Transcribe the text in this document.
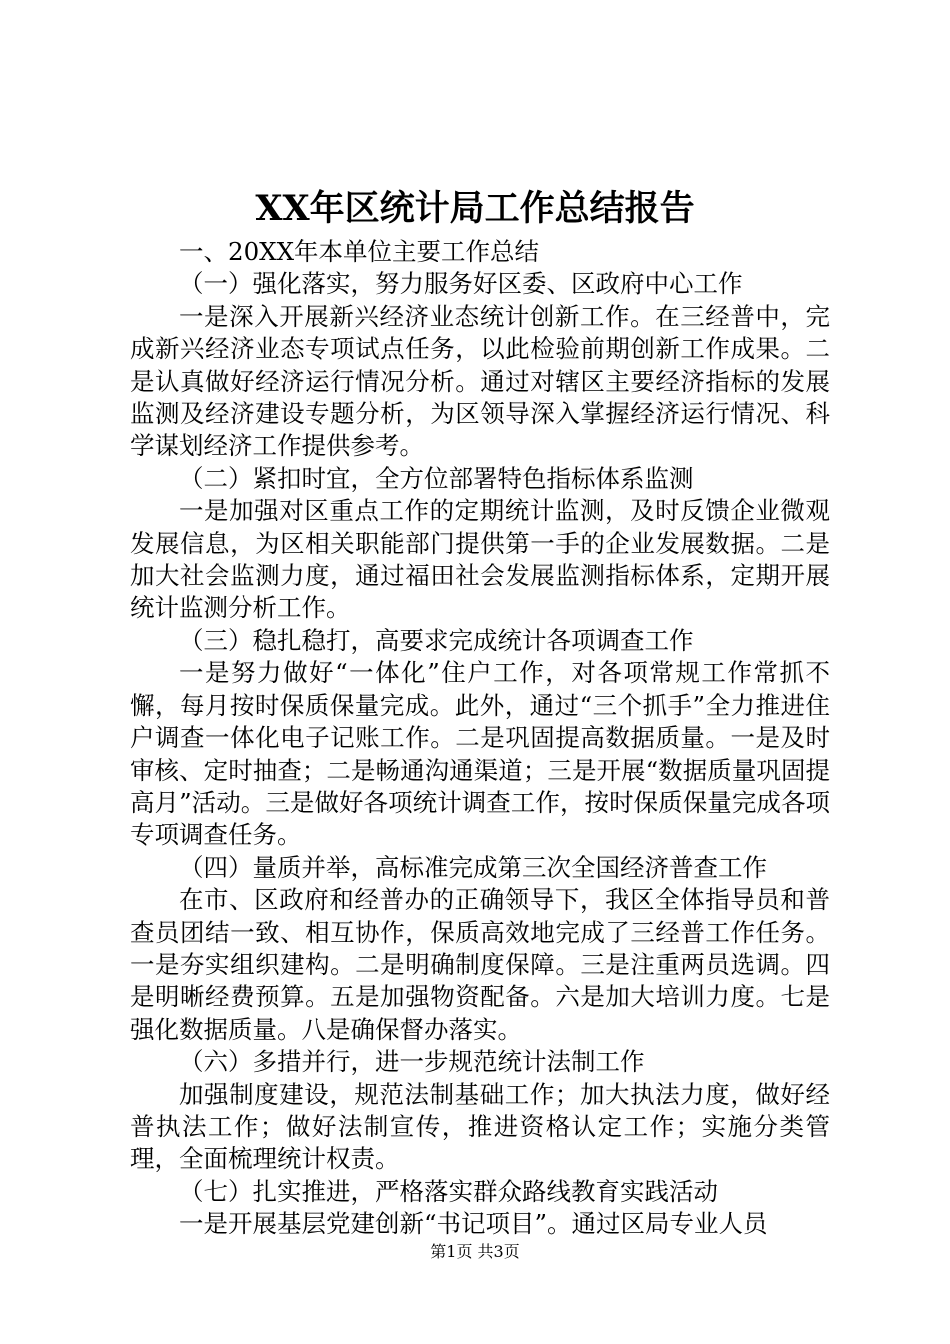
XX年区统计局工作总结报告

一、20XX年本单位主要工作总结

（一）强化落实，努力服务好区委、区政府中心工作

一是深入开展新兴经济业态统计创新工作。在三经普中，完成新兴经济业态专项试点任务，以此检验前期创新工作成果。二是认真做好经济运行情况分析。通过对辖区主要经济指标的发展监测及经济建设专题分析，为区领导深入掌握经济运行情况、科学谋划经济工作提供参考。

（二）紧扣时宜，全方位部署特色指标体系监测

一是加强对区重点工作的定期统计监测，及时反馈企业微观发展信息，为区相关职能部门提供第一手的企业发展数据。二是加大社会监测力度，通过福田社会发展监测指标体系，定期开展统计监测分析工作。

（三）稳扎稳打，高要求完成统计各项调查工作

一是努力做好“一体化”住户工作，对各项常规工作常抓不懈，每月按时保质保量完成。此外，通过“三个抓手”全力推进住户调查一体化电子记账工作。二是巩固提高数据质量。一是及时审核、定时抽查；二是畅通沟通渠道；三是开展“数据质量巩固提高月”活动。三是做好各项统计调查工作，按时保质保量完成各项专项调查任务。

（四）量质并举，高标准完成第三次全国经济普查工作

在市、区政府和经普办的正确领导下，我区全体指导员和普查员团结一致、相互协作，保质高效地完成了三经普工作任务。一是夯实组织建构。二是明确制度保障。三是注重两员选调。四是明晰经费预算。五是加强物资配备。六是加大培训力度。七是强化数据质量。八是确保督办落实。

（六）多措并行，进一步规范统计法制工作

加强制度建设，规范法制基础工作；加大执法力度，做好经普执法工作；做好法制宣传，推进资格认定工作；实施分类管理，全面梳理统计权责。

（七）扎实推进，严格落实群众路线教育实践活动

一是开展基层党建创新“书记项目”。通过区局专业人员

第1页 共3页
